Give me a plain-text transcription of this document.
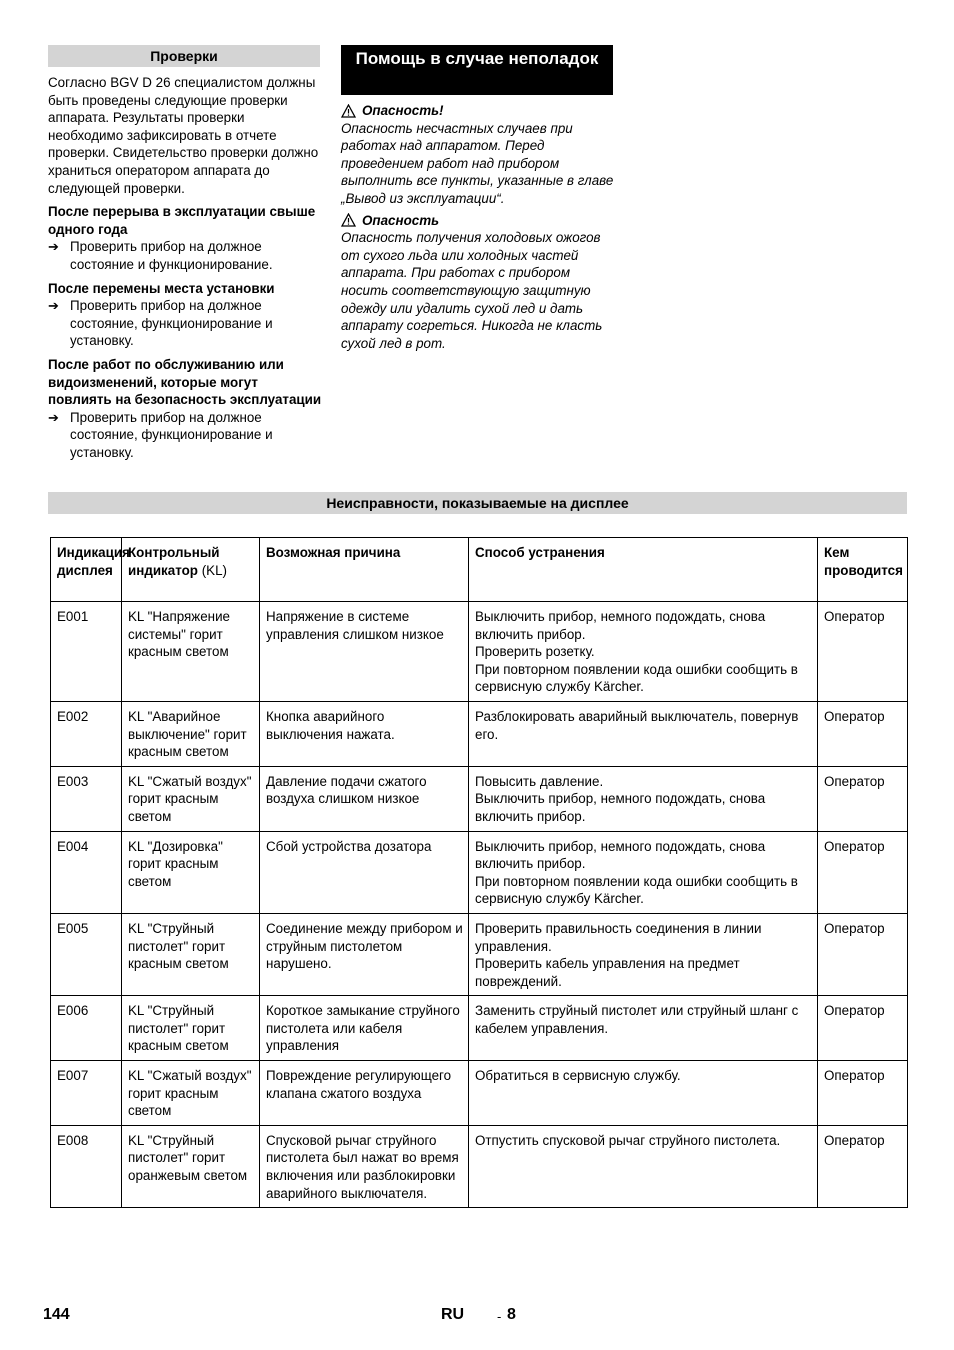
Проверки

Согласно BGV D 26 специалистом должны быть проведены следующие проверки аппарата. Результаты проверки необходимо зафиксировать в отчете проверки. Свидетельство проверки должно храниться оператором аппарата до следующей проверки.

После перерыва в эксплуатации свыше одного года

➔ Проверить прибор на должное состояние и функционирование.

После перемены места установки

➔ Проверить прибор на должное состояние, функционирование и установку.

После работ по обслуживанию или видоизменений, которые могут повлиять на безопасность эксплуатации

➔ Проверить прибор на должное состояние, функционирование и установку.
Помощь в случае неполадок
Опасность!

Опасность несчастных случаев при работах над аппаратом. Перед проведением работ над прибором выполнить все пункты, указанные в главе „Вывод из эксплуатации“.

Опасность

Опасность получения холодовых ожогов от сухого льда или холодных частей аппарата. При работах с прибором носить соответствующую защитную одежду или удалить сухой лед и дать аппарату согреться. Никогда не класть сухой лед в рот.

Неисправности, показываемые на дисплее
Индикация дисплея	Контрольный индикатор (KL)	Возможная причина	Способ устранения	Кем проводится
E001	KL "Напряжение системы" горит красным светом	Напряжение в системе управления слишком низкое	Выключить прибор, немного подождать, снова включить прибор.
Проверить розетку.
При повторном появлении кода ошибки сообщить в сервисную службу Kärcher.	Оператор
E002	KL "Аварийное выключение" горит красным светом	Кнопка аварийного выключения нажата.	Разблокировать аварийный выключатель, повернув его.	Оператор
E003	KL "Сжатый воздух" горит красным светом	Давление подачи сжатого воздуха слишком низкое	Повысить давление.
Выключить прибор, немного подождать, снова включить прибор.	Оператор
E004	KL "Дозировка" горит красным светом	Сбой устройства дозатора	Выключить прибор, немного подождать, снова включить прибор.
При повторном появлении кода ошибки сообщить в сервисную службу Kärcher.	Оператор
E005	KL "Струйный пистолет" горит красным светом	Соединение между прибором и струйным пистолетом нарушено.	Проверить правильность соединения в линии управления.
Проверить кабель управления на предмет повреждений.	Оператор
E006	KL "Струйный пистолет" горит красным светом	Короткое замыкание струйного пистолета или кабеля управления	Заменить струйный пистолет или струйный шланг с кабелем управления.	Оператор
E007	KL "Сжатый воздух" горит красным светом	Повреждение регулирующего клапана сжатого воздуха	Обратиться в сервисную службу.	Оператор
E008	KL "Струйный пистолет" горит оранжевым светом	Спусковой рычаг струйного пистолета был нажат во время включения или разблокировки аварийного выключателя.	Отпустить спусковой рычаг струйного пистолета.	Оператор
144	RU	- 8
